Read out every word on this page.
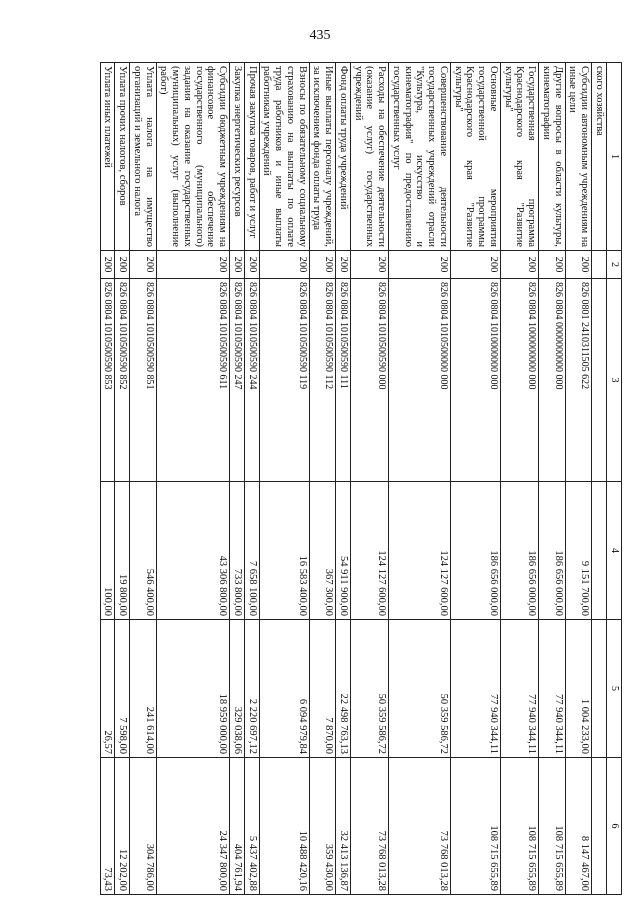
435
1	2	3	4	5	6
ского хозяйства					
Субсидии автономным учреждениям на иные цели	200	826 0801 2410311505 622	9 151 700,00	1 004 233,00	8 147 467,00
Другие вопросы в области культуры, кинематографии	200	826 0804 0000000000 000	186 656 000,00	77 940 344,11	108 715 655,89
Государственная программа Краснодарского края "Развитие культуры"	200	826 0804 1000000000 000	186 656 000,00	77 940 344,11	108 715 655,89
Основные мероприятия государственной программы Краснодарского края "Развитие культуры"	200	826 0804 1010000000 000	186 656 000,00	77 940 344,11	108 715 655,89
Совершенствование деятельности государственных учреждений отрасли "Культура, искусство и кинематография" по предоставлению государственных услуг	200	826 0804 1010500000 000	124 127 600,00	50 359 586,72	73 768 013,28
Расходы на обеспечение деятельности (оказание услуг) государственных учреждений	200	826 0804 1010500590 000	124 127 600,00	50 359 586,72	73 768 013,28
Фонд оплаты труда учреждений	200	826 0804 1010500590 111	54 911 900,00	22 498 763,13	32 413 136,87
Иные выплаты персоналу учреждений, за исключением фонда оплаты труда	200	826 0804 1010500590 112	367 300,00	7 870,00	359 430,00
Взносы по обязательному социальному страхованию на выплаты по оплате труда работников и иные выплаты работникам учреждений	200	826 0804 1010500590 119	16 583 400,00	6 094 979,84	10 488 420,16
Прочая закупка товаров, работ и услуг	200	826 0804 1010500590 244	7 658 100,00	2 220 697,12	5 437 402,88
Закупка энергетических ресурсов	200	826 0804 1010500590 247	733 800,00	329 038,06	404 761,94
Субсидии бюджетным учреждениям на финансовое обеспечение государственного (муниципального) задания на оказание государственных (муниципальных) услуг (выполнение работ)	200	826 0804 1010500590 611	43 306 800,00	18 959 000,00	24 347 800,00
Уплата налога на имущество организаций и земельного налога	200	826 0804 1010500590 851	546 400,00	241 614,00	304 786,00
Уплата прочих налогов, сборов	200	826 0804 1010500590 852	19 800,00	7 598,00	12 202,00
Уплата иных платежей	200	826 0804 1010500590 853	100,00	26,57	73,43
